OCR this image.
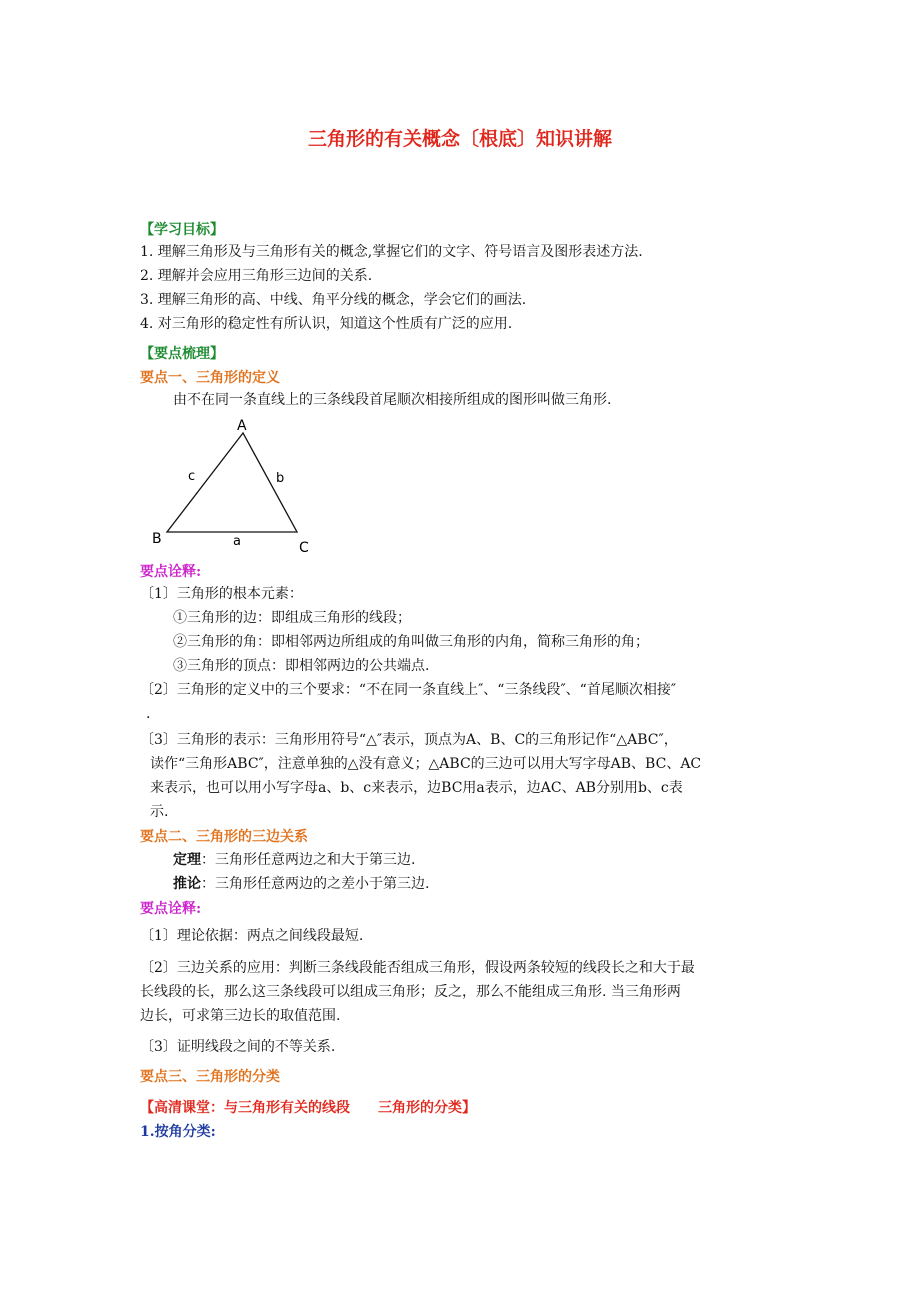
三角形的有关概念〔根底〕知识讲解
【学习目标】
1. 理解三角形及与三角形有关的概念,掌握它们的文字、符号语言及图形表述方法.
2. 理解并会应用三角形三边间的关系.
3. 理解三角形的高、中线、角平分线的概念，学会它们的画法.
4. 对三角形的稳定性有所认识，知道这个性质有广泛的应用.
【要点梳理】
要点一、三角形的定义
由不在同一条直线上的三条线段首尾顺次相接所组成的图形叫做三角形.
A
B
C
a
b
c
要点诠释:
〔1〕三角形的根本元素：
①三角形的边：即组成三角形的线段；
②三角形的角：即相邻两边所组成的角叫做三角形的内角，简称三角形的角；
③三角形的顶点：即相邻两边的公共端点.
〔2〕三角形的定义中的三个要求：“不在同一条直线上″、“三条线段″、“首尾顺次相接″
.
〔3〕三角形的表示：三角形用符号“△″表示，顶点为A、B、C的三角形记作“△ABC″，
读作“三角形ABC″，注意单独的△没有意义；△ABC的三边可以用大写字母AB、BC、AC
来表示，也可以用小写字母a、b、c来表示，边BC用a表示，边AC、AB分别用b、c表
示.
要点二、三角形的三边关系
定理：三角形任意两边之和大于第三边.
推论：三角形任意两边的之差小于第三边.
要点诠释:
〔1〕理论依据：两点之间线段最短.
〔2〕三边关系的应用：判断三条线段能否组成三角形，假设两条较短的线段长之和大于最
长线段的长，那么这三条线段可以组成三角形；反之，那么不能组成三角形. 当三角形两
边长，可求第三边长的取值范围.
〔3〕证明线段之间的不等关系.
要点三、三角形的分类
【高清课堂：与三角形有关的线段　　三角形的分类】
1.按角分类:
